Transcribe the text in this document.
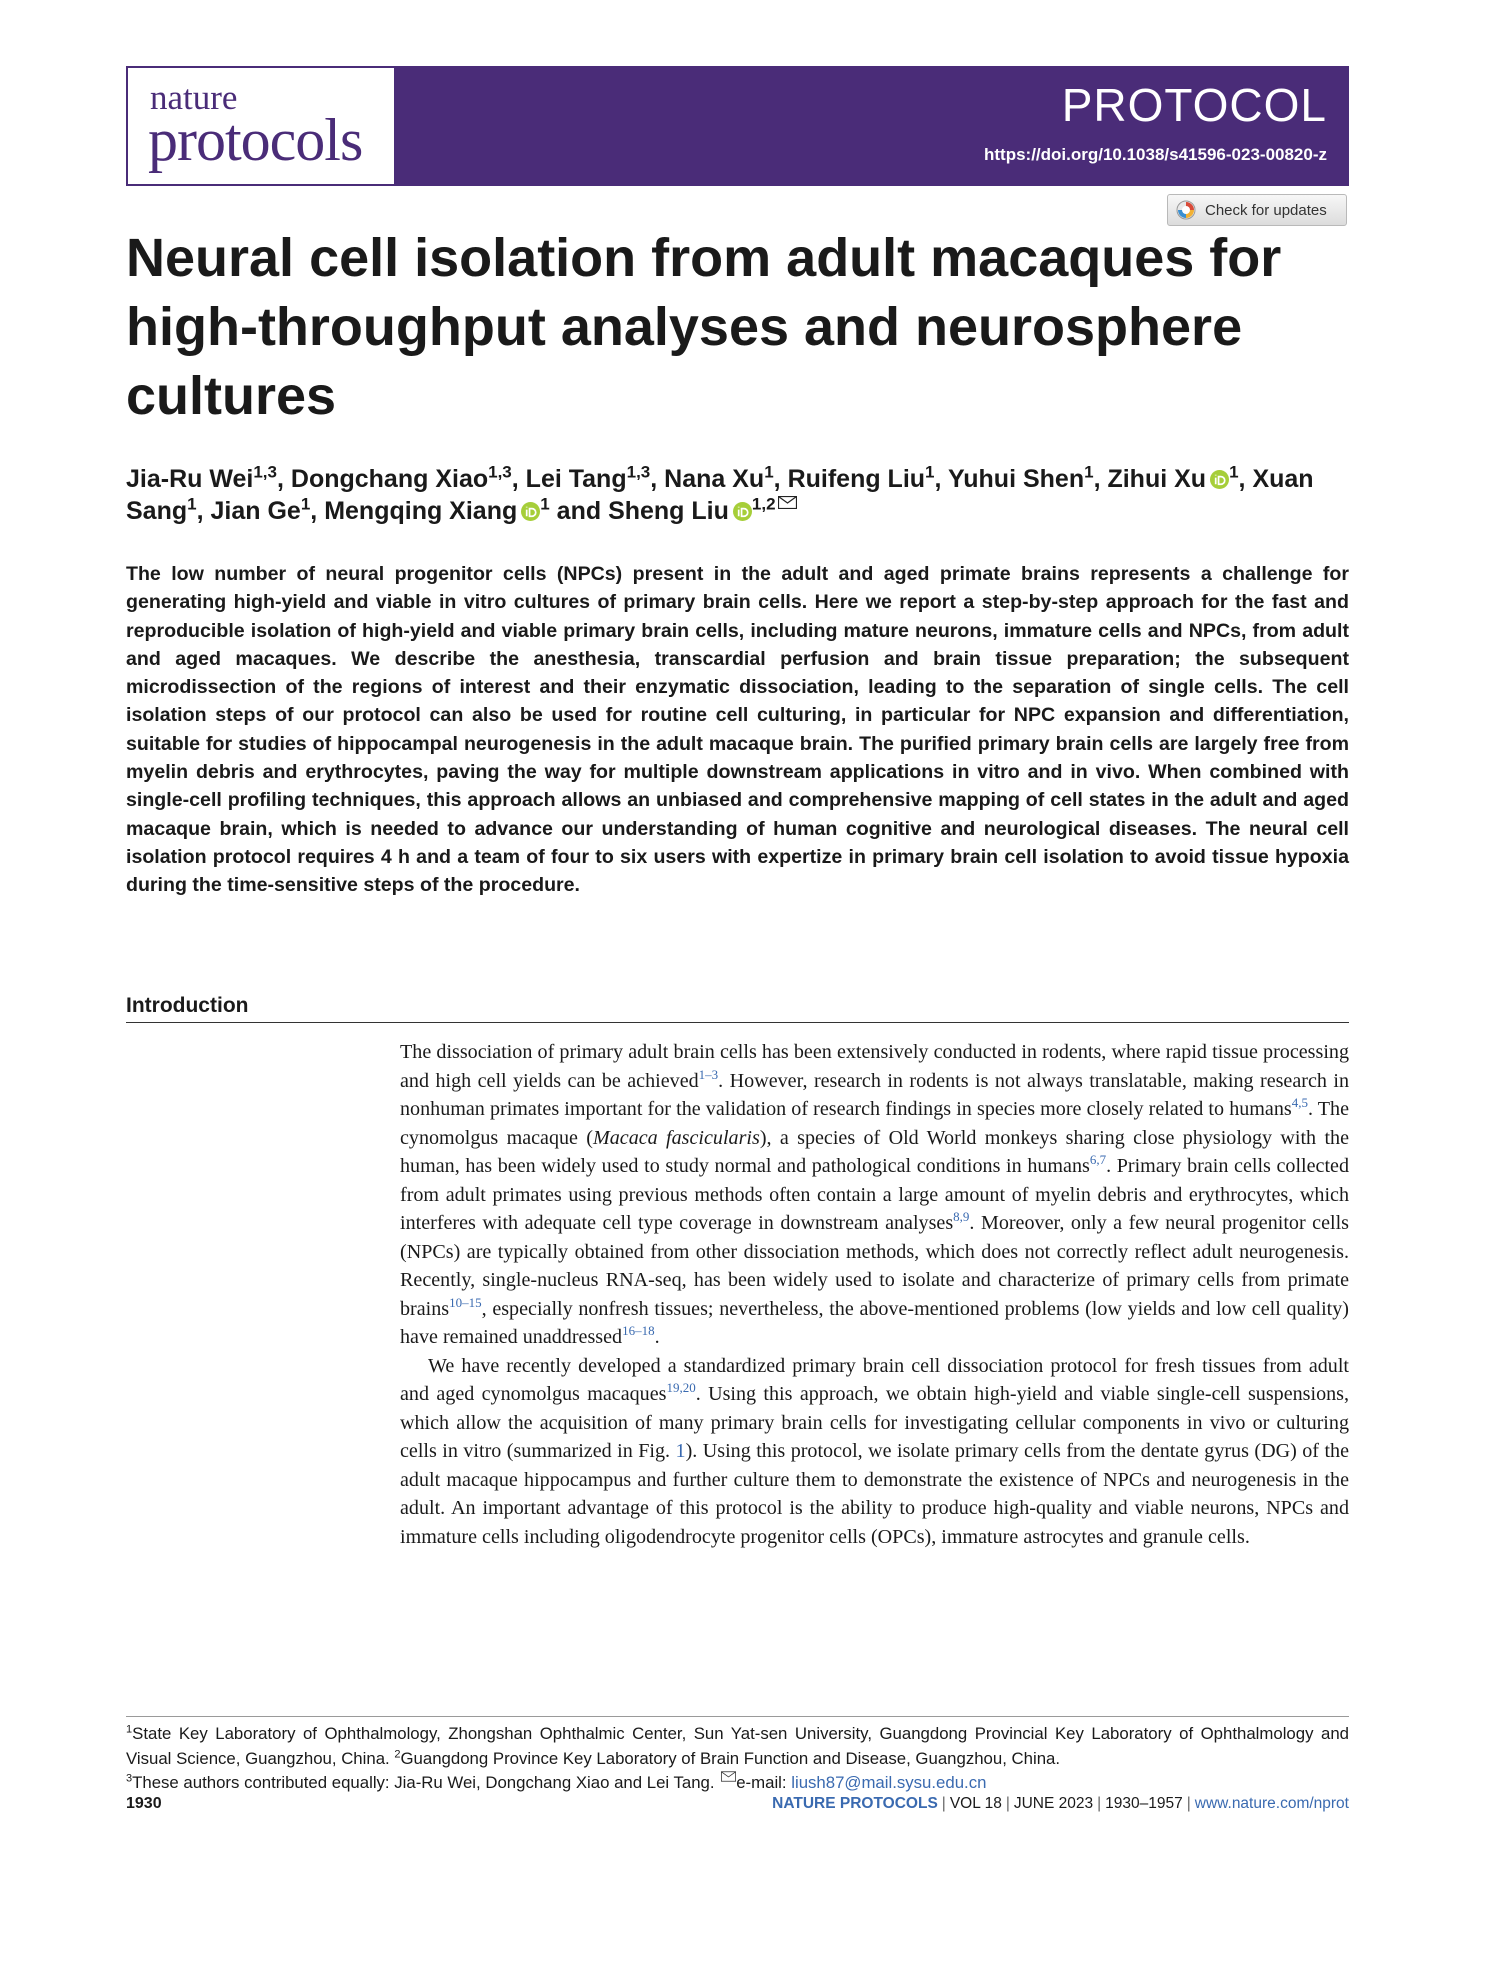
nature
protocols
PROTOCOL
https://doi.org/10.1038/s41596-023-00820-z
Check for updates
Neural cell isolation from adult macaques for high-throughput analyses and neurosphere cultures

Jia-Ru Wei$^{1,3}$, Dongchang Xiao$^{1,3}$, Lei Tang$^{1,3}$, Nana Xu$^1$, Ruifeng Liu$^1$, Yuhui Shen$^1$, Zihui Xu $^1$, Xuan Sang$^1$, Jian Ge$^1$, Mengqing Xiang $^1$ and Sheng Liu $^{1,2}$

The low number of neural progenitor cells (NPCs) present in the adult and aged primate brains represents a challenge for generating high-yield and viable in vitro cultures of primary brain cells. Here we report a step-by-step approach for the fast and reproducible isolation of high-yield and viable primary brain cells, including mature neurons, immature cells and NPCs, from adult and aged macaques. We describe the anesthesia, transcardial perfusion and brain tissue preparation; the subsequent microdissection of the regions of interest and their enzymatic dissociation, leading to the separation of single cells. The cell isolation steps of our protocol can also be used for routine cell culturing, in particular for NPC expansion and differentiation, suitable for studies of hippocampal neurogenesis in the adult macaque brain. The purified primary brain cells are largely free from myelin debris and erythrocytes, paving the way for multiple downstream applications in vitro and in vivo. When combined with single-cell profiling techniques, this approach allows an unbiased and comprehensive mapping of cell states in the adult and aged macaque brain, which is needed to advance our understanding of human cognitive and neurological diseases. The neural cell isolation protocol requires 4 h and a team of four to six users with expertize in primary brain cell isolation to avoid tissue hypoxia during the time-sensitive steps of the procedure.

Introduction

The dissociation of primary adult brain cells has been extensively conducted in rodents, where rapid tissue processing and high cell yields can be achieved$^{1-3}$. However, research in rodents is not always translatable, making research in nonhuman primates important for the validation of research findings in species more closely related to humans$^{4,5}$. The cynomolgus macaque (Macaca fascicularis), a species of Old World monkeys sharing close physiology with the human, has been widely used to study normal and pathological conditions in humans$^{6,7}$. Primary brain cells collected from adult primates using previous methods often contain a large amount of myelin debris and erythrocytes, which interferes with adequate cell type coverage in downstream analyses$^{8,9}$. Moreover, only a few neural progenitor cells (NPCs) are typically obtained from other dissociation methods, which does not correctly reflect adult neurogenesis. Recently, single-nucleus RNA-seq, has been widely used to isolate and characterize of primary cells from primate brains$^{10-15}$, especially nonfresh tissues; nevertheless, the above-mentioned problems (low yields and low cell quality) have remained unaddressed$^{16-18}$.

We have recently developed a standardized primary brain cell dissociation protocol for fresh tissues from adult and aged cynomolgus macaques$^{19,20}$. Using this approach, we obtain high-yield and viable single-cell suspensions, which allow the acquisition of many primary brain cells for investigating cellular components in vivo or culturing cells in vitro (summarized in Fig. 1). Using this protocol, we isolate primary cells from the dentate gyrus (DG) of the adult macaque hippocampus and further culture them to demonstrate the existence of NPCs and neurogenesis in the adult. An important advantage of this protocol is the ability to produce high-quality and viable neurons, NPCs and immature cells including oligodendrocyte progenitor cells (OPCs), immature astrocytes and granule cells.

$^1$State Key Laboratory of Ophthalmology, Zhongshan Ophthalmic Center, Sun Yat-sen University, Guangdong Provincial Key Laboratory of Ophthalmology and Visual Science, Guangzhou, China. $^2$Guangdong Province Key Laboratory of Brain Function and Disease, Guangzhou, China.
$^3$These authors contributed equally: Jia-Ru Wei, Dongchang Xiao and Lei Tang. e-mail: liush87@mail.sysu.edu.cn
1930	NATURE PROTOCOLS | VOL 18 | JUNE 2023 | 1930–1957 | www.nature.com/nprot
